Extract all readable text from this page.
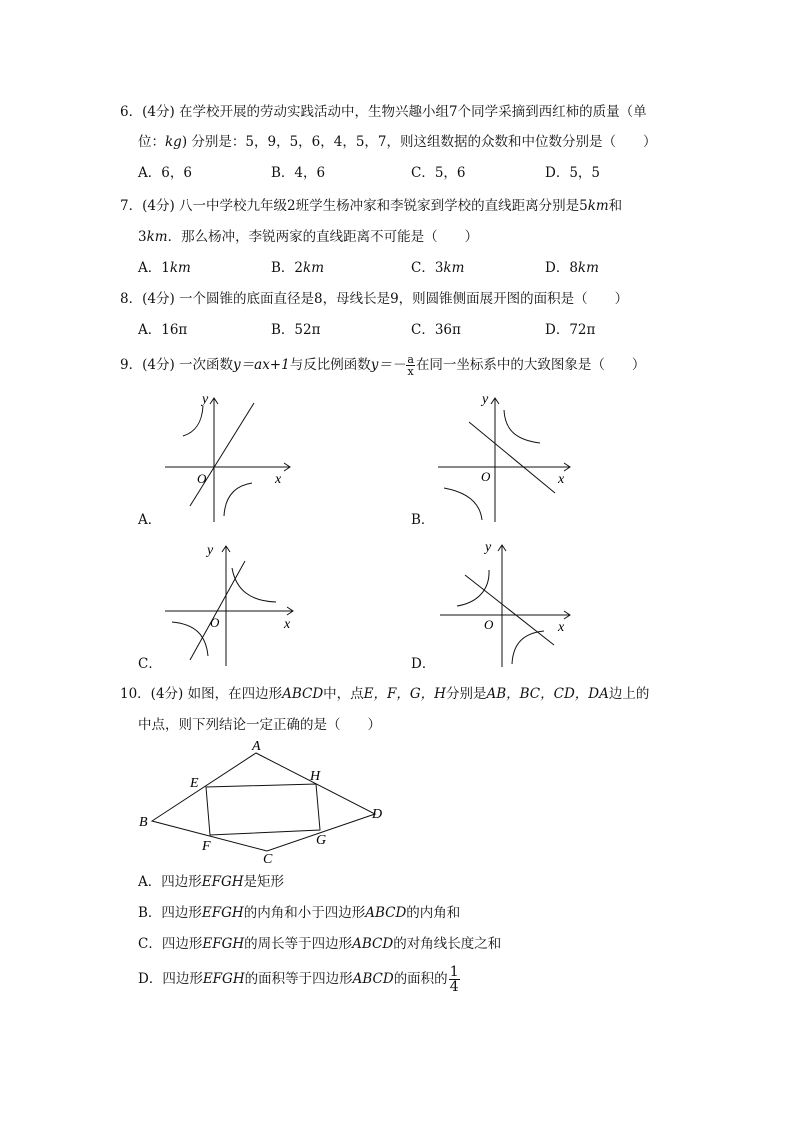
6．(4分) 在学校开展的劳动实践活动中，生物兴趣小组7个同学采摘到西红柿的质量（单
位：kg) 分别是：5，9，5，6，4，5，7，则这组数据的众数和中位数分别是（　　）
A．6，6	B．4，6	C．5，6	D．5，5
7．(4分) 八一中学校九年级2班学生杨冲家和李锐家到学校的直线距离分别是5km和
3km．那么杨冲，李锐两家的直线距离不可能是（　　）
A．1km	B．2km	C．3km	D．8km
8．(4分) 一个圆锥的底面直径是8，母线长是9，则圆锥侧面展开图的面积是（　　）
A．16π	B．52π	C．36π	D．72π
9．(4分) 一次函数y＝ax+1与反比例函数$y=- \frac{a}{x}$ 在同一坐标系中的大致图象是（　　）
y
x
O
A．
y
x
O
B．
y
x
O
C．
y
x
O
D．
10．(4分) 如图，在四边形ABCD中，点E，F，G，H分别是AB，BC，CD，DA边上的
中点，则下列结论一定正确的是（　　）
A
B
C
D
E
F	G
H
A．四边形EFGH是矩形
B．四边形EFGH的内角和小于四边形ABCD的内角和
C．四边形EFGH的周长等于四边形ABCD的对角线长度之和
D．四边形EFGH的面积等于四边形ABCD的面积的 $\frac{1}{4}$
